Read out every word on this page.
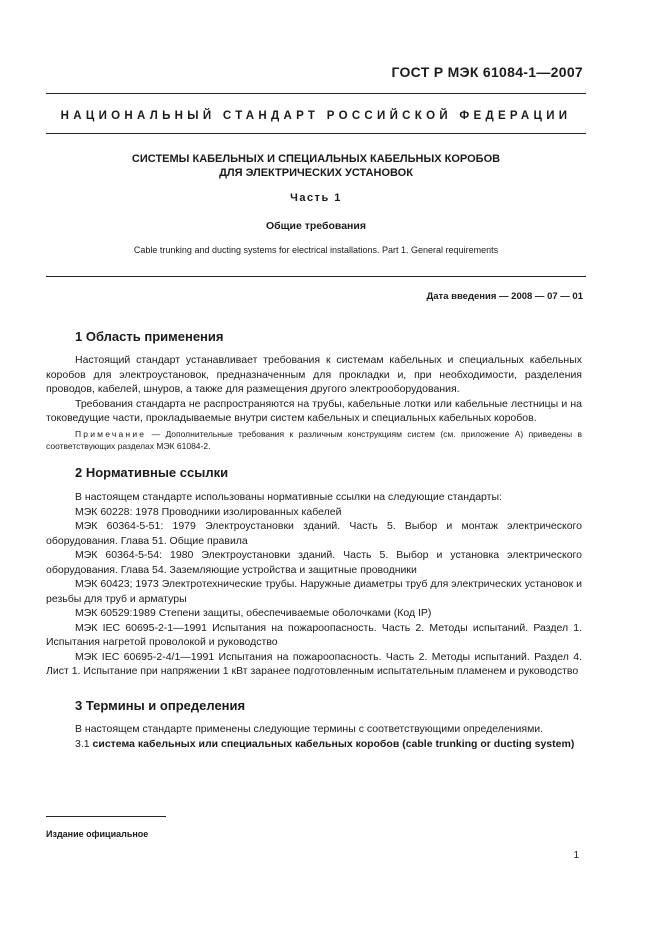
ГОСТ Р МЭК 61084-1—2007
НАЦИОНАЛЬНЫЙ СТАНДАРТ РОССИЙСКОЙ ФЕДЕРАЦИИ
СИСТЕМЫ КАБЕЛЬНЫХ И СПЕЦИАЛЬНЫХ КАБЕЛЬНЫХ КОРОБОВ
ДЛЯ ЭЛЕКТРИЧЕСКИХ УСТАНОВОК
Часть 1
Общие требования
Cable trunking and ducting systems for electrical installations. Part 1. General requirements
Дата введения — 2008 — 07 — 01
1 Область применения

Настоящий стандарт устанавливает требования к системам кабельных и специальных кабельных коробов для электроустановок, предназначенным для прокладки и, при необходимости, разделения проводов, кабелей, шнуров, а также для размещения другого электрооборудования.

Требования стандарта не распространяются на трубы, кабельные лотки или кабельные лестницы и на токоведущие части, прокладываемые внутри систем кабельных и специальных кабельных коробов.

Примечание — Дополнительные требования к различным конструкциям систем (см. приложение А) приведены в соответствующих разделах МЭК 61084-2.
2 Нормативные ссылки

В настоящем стандарте использованы нормативные ссылки на следующие стандарты:

МЭК 60228: 1978 Проводники изолированных кабелей

МЭК 60364-5-51: 1979 Электроустановки зданий. Часть 5. Выбор и монтаж электрического оборудования. Глава 51. Общие правила

МЭК 60364-5-54: 1980 Электроустановки зданий. Часть 5. Выбор и установка электрического оборудования. Глава 54. Заземляющие устройства и защитные проводники

МЭК 60423; 1973 Электротехнические трубы. Наружные диаметры труб для электрических установок и резьбы для труб и арматуры

МЭК 60529:1989 Степени защиты, обеспечиваемые оболочками (Код IP)

МЭК IEC 60695-2-1—1991 Испытания на пожароопасность. Часть 2. Методы испытаний. Раздел 1. Испытания нагретой проволокой и руководство

МЭК IEC 60695-2-4/1—1991 Испытания на пожароопасность. Часть 2. Методы испытаний. Раздел 4. Лист 1. Испытание при напряжении 1 кВт заранее подготовленным испытательным пламенем и руководство

3 Термины и определения

В настоящем стандарте применены следующие термины с соответствующими определениями.

3.1 система кабельных или специальных кабельных коробов (cable trunking or ducting system)

Издание официальное
1
